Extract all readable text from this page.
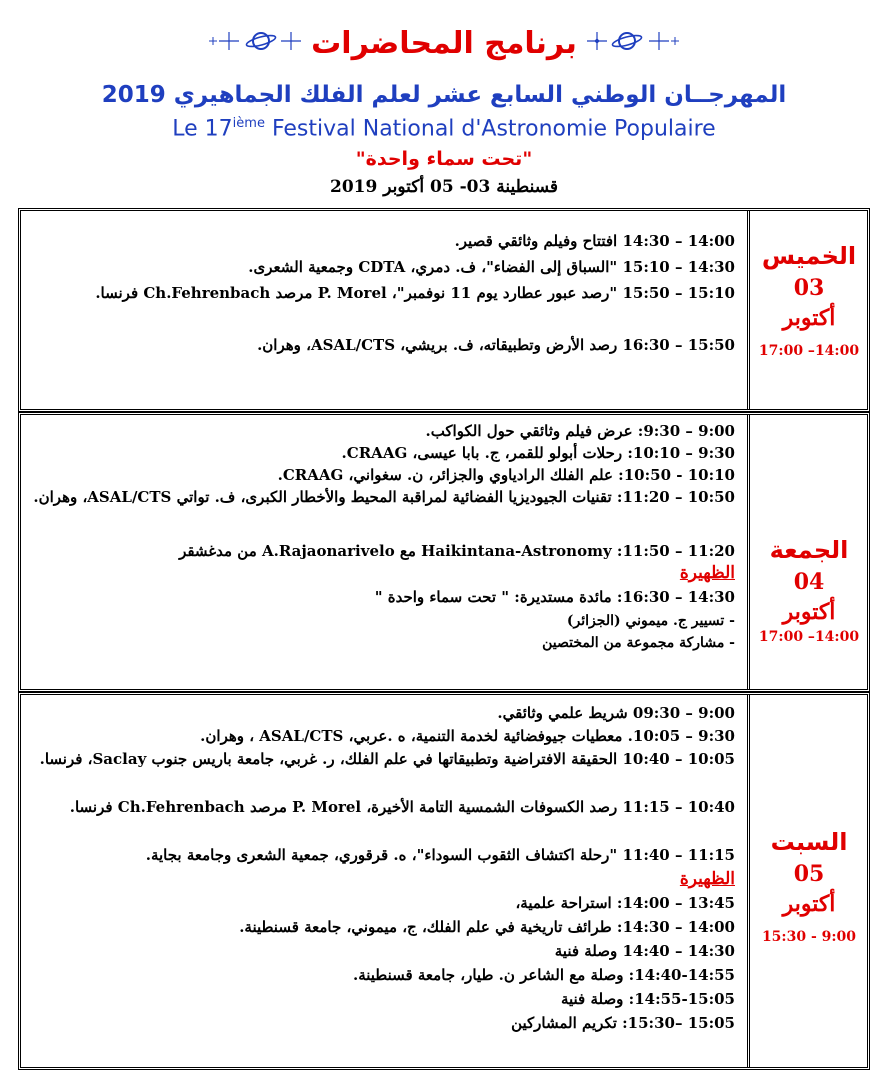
برنامج المحاضرات
المهرجــان الوطني السابع عشر لعلم الفلك الجماهيري 2019
Le 17ième Festival National d'Astronomie Populaire
"تحت سماء واحدة"
قسنطينة 03- 05 أكتوبر 2019
الخميس
03
أكتوبر
14:00– 17:00
14:00 – 14:30 افتتاح وفيلم وثائقي قصير.
14:30 – 15:10 "السباق إلى الفضاء"، ف. دمري، CDTA وجمعية الشعرى.
15:10 – 15:50 "رصد عبور عطارد يوم 11 نوفمبر"، P. Morel مرصد Ch.Fehrenbach فرنسا.
15:50 – 16:30 رصد الأرض وتطبيقاته، ف. بريشي، ASAL/CTS، وهران.
الجمعة
04
أكتوبر
14:00– 17:00
9:00 – 9:30: عرض فيلم وثائقي حول الكواكب.
9:30 – 10:10: رحلات أبولو للقمر، ج. بابا عيسى، CRAAG.
10:10 - 10:50: علم الفلك الرادياوي والجزائر، ن. سغواني، CRAAG.
10:50 – 11:20: تقنيات الجيوديزيا الفضائية لمراقبة المحيط والأخطار الكبرى، ف. تواتي ASAL/CTS، وهران.
11:20 – 11:50: Haikintana-Astronomy مع A.Rajaonarivelo من مدغشقر
الظهيرة
14:30 – 16:30: مائدة مستديرة: " تحت سماء واحدة "
- تسيير ج. ميموني (الجزائر)
- مشاركة مجموعة من المختصين
السبت
05
أكتوبر
9:00 - 15:30
9:00 – 09:30 شريط علمي وثائقي.
9:30 – 10:05. معطيات جيوفضائية لخدمة التنمية، ه .عربي، ASAL/CTS ، وهران.
10:05 – 10:40 الحقيقة الافتراضية وتطبيقاتها في علم الفلك، ر. غربي، جامعة باريس جنوب Saclay، فرنسا.
10:40 – 11:15 رصد الكسوفات الشمسية التامة الأخيرة، P. Morel مرصد Ch.Fehrenbach فرنسا.
11:15 – 11:40 "رحلة اكتشاف الثقوب السوداء"، ه. قرقوري، جمعية الشعرى وجامعة بجاية.
الظهيرة
13:45 – 14:00: استراحة علمية،
14:00 – 14:30: طرائف تاريخية في علم الفلك، ج، ميموني، جامعة قسنطينة.
14:30 – 14:40 وصلة فنية
14:40-14:55: وصلة مع الشاعر ن. طيار، جامعة قسنطينة.
14:55-15:05: وصلة فنية
15:05 –15:30: تكريم المشاركين
